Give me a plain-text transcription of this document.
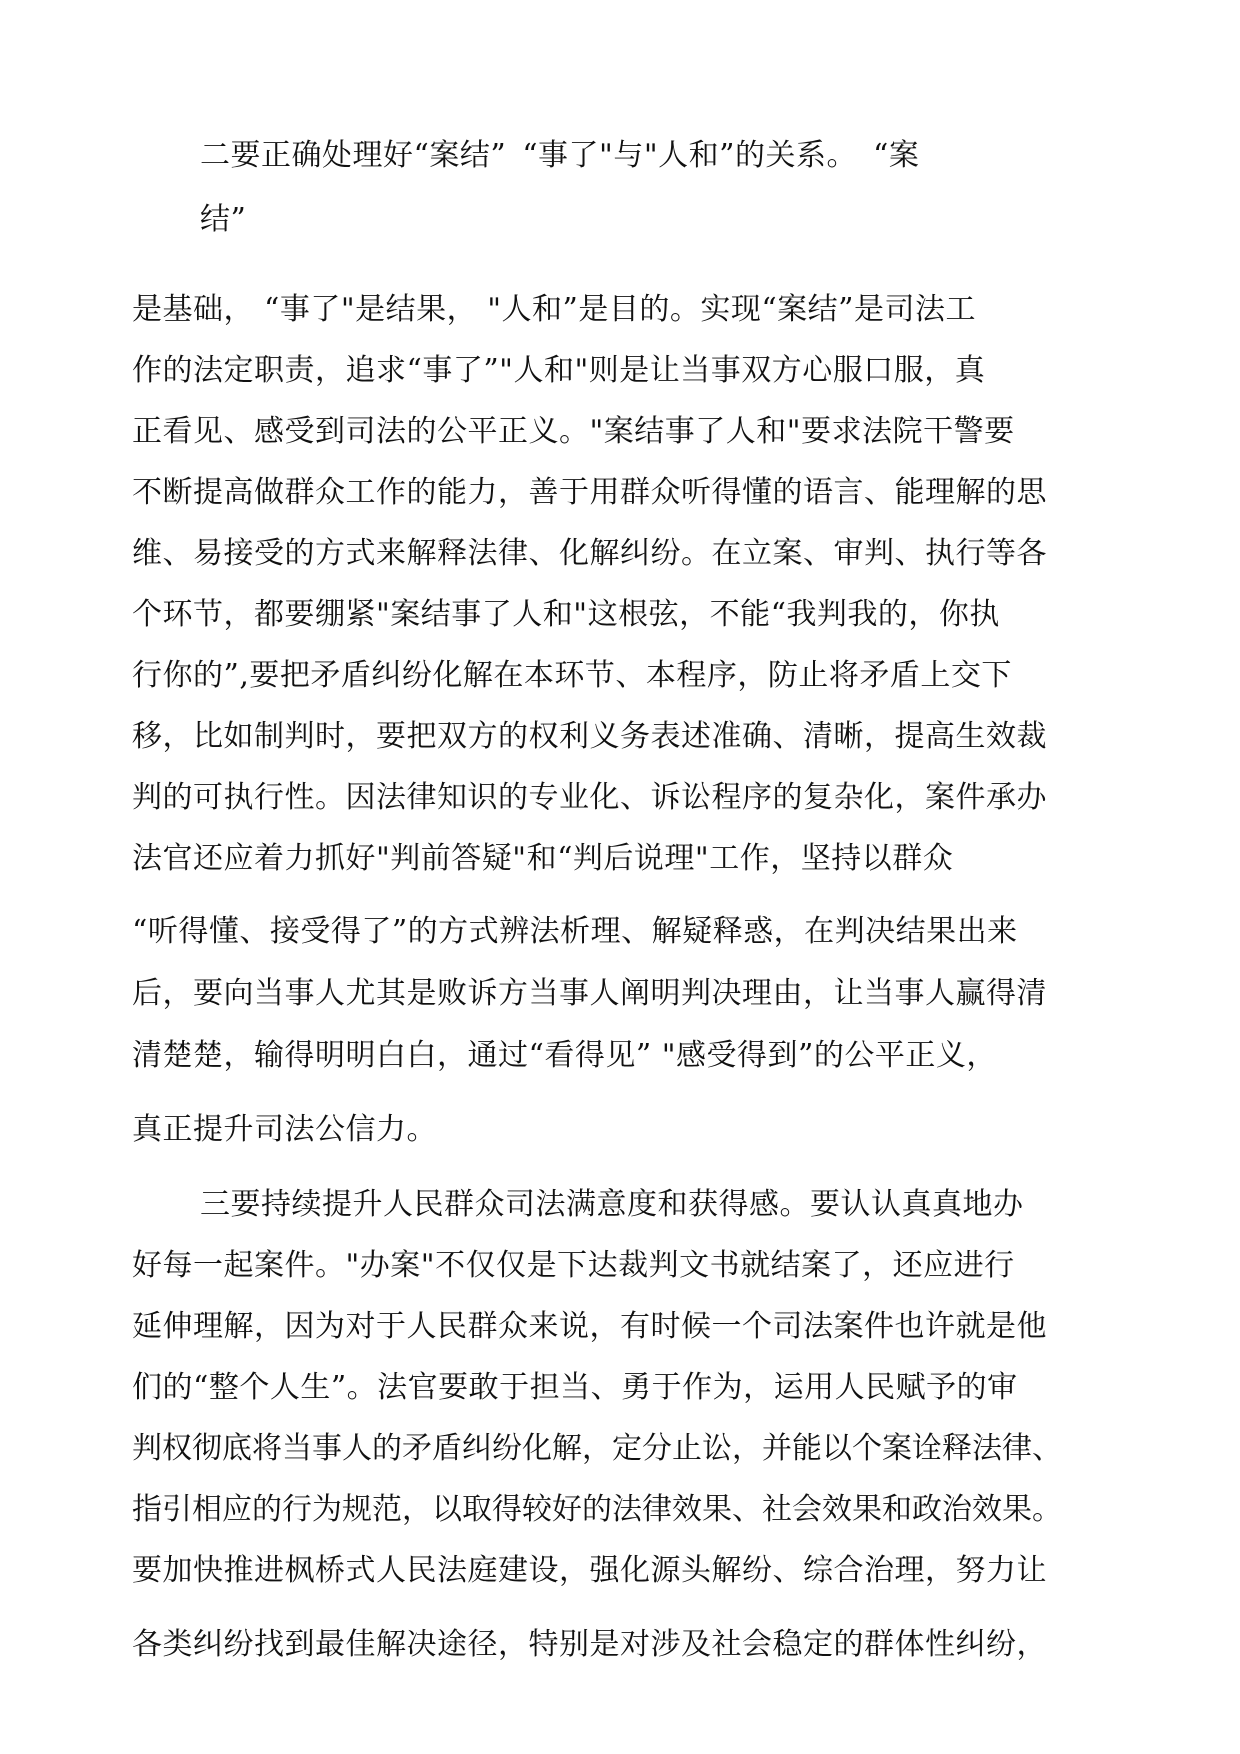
二要正确处理好“案结” “事了"与"人和”的关系。 “案
结”
是基础， “事了"是结果， "人和”是目的。实现“案结”是司法工
作的法定职责，追求“事了”"人和"则是让当事双方心服口服，真
正看见、感受到司法的公平正义。"案结事了人和"要求法院干警要
不断提高做群众工作的能力，善于用群众听得懂的语言、能理解的思
维、易接受的方式来解释法律、化解纠纷。在立案、审判、执行等各
个环节，都要绷紧"案结事了人和"这根弦，不能“我判我的，你执
行你的”,要把矛盾纠纷化解在本环节、本程序，防止将矛盾上交下
移，比如制判时，要把双方的权利义务表述准确、清晰，提高生效裁
判的可执行性。因法律知识的专业化、诉讼程序的复杂化，案件承办
法官还应着力抓好"判前答疑"和“判后说理"工作，坚持以群众
“听得懂、接受得了”的方式辨法析理、解疑释惑，在判决结果出来
后，要向当事人尤其是败诉方当事人阐明判决理由，让当事人赢得清
清楚楚，输得明明白白，通过“看得见” "感受得到”的公平正义，
真正提升司法公信力。
三要持续提升人民群众司法满意度和获得感。要认认真真地办
好每一起案件。"办案"不仅仅是下达裁判文书就结案了，还应进行
延伸理解，因为对于人民群众来说，有时候一个司法案件也许就是他
们的“整个人生”。法官要敢于担当、勇于作为，运用人民赋予的审
判权彻底将当事人的矛盾纠纷化解，定分止讼，并能以个案诠释法律、
指引相应的行为规范，以取得较好的法律效果、社会效果和政治效果。
要加快推进枫桥式人民法庭建设，强化源头解纷、综合治理，努力让
各类纠纷找到最佳解决途径，特别是对涉及社会稳定的群体性纠纷，
